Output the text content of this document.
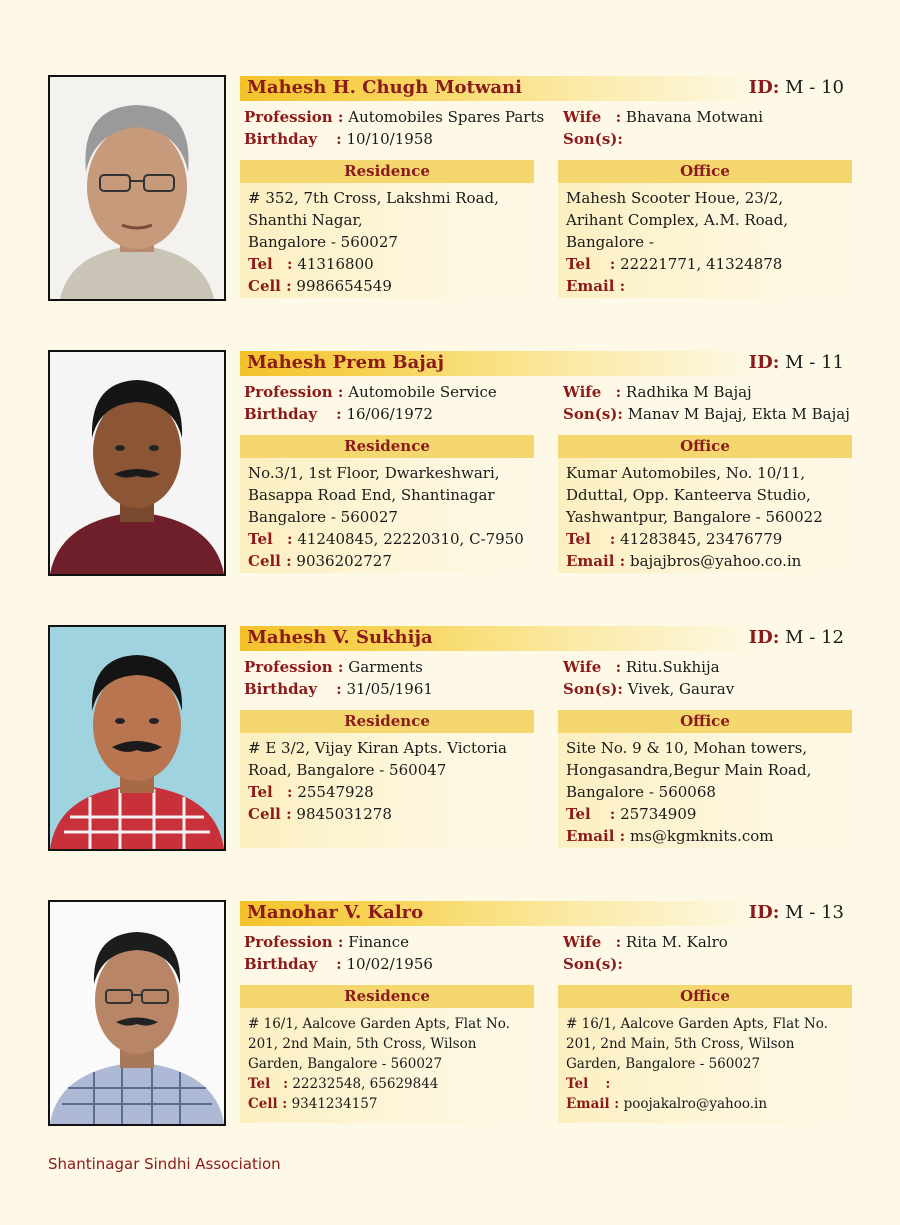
Mahesh H. Chugh Motwani	ID: M - 10
Profession : Automobiles Spares Parts
Birthday : 10/10/1958
Wife : Bhavana Motwani
Son(s):
Residence
# 352, 7th Cross, Lakshmi Road,
Shanthi Nagar,
Bangalore - 560027
Tel : 41316800
Cell : 9986654549
Office
Mahesh Scooter Houe, 23/2,
Arihant Complex, A.M. Road,
Bangalore -
Tel : 22221771, 41324878
Email :
Mahesh Prem Bajaj	ID: M - 11
Profession : Automobile Service
Birthday : 16/06/1972
Wife : Radhika M Bajaj
Son(s): Manav M Bajaj, Ekta M Bajaj
Residence
No.3/1, 1st Floor, Dwarkeshwari,
Basappa Road End, Shantinagar
Bangalore - 560027
Tel : 41240845, 22220310, C-7950
Cell : 9036202727
Office
Kumar Automobiles, No. 10/11,
Dduttal, Opp. Kanteerva Studio,
Yashwantpur, Bangalore - 560022
Tel : 41283845, 23476779
Email : bajajbros@yahoo.co.in
Mahesh V. Sukhija	ID: M - 12
Profession : Garments
Birthday : 31/05/1961
Wife : Ritu.Sukhija
Son(s): Vivek, Gaurav
Residence
# E 3/2, Vijay Kiran Apts. Victoria
Road, Bangalore - 560047
Tel : 25547928
Cell : 9845031278
Office
Site No. 9 & 10, Mohan towers,
Hongasandra,Begur Main Road,
Bangalore - 560068
Tel : 25734909
Email : ms@kgmknits.com
Manohar V. Kalro	ID: M - 13
Profession : Finance
Birthday : 10/02/1956
Wife : Rita M. Kalro
Son(s):
Residence
# 16/1, Aalcove Garden Apts, Flat No.
201, 2nd Main, 5th Cross, Wilson
Garden, Bangalore - 560027
Tel : 22232548, 65629844
Cell : 9341234157
Office
# 16/1, Aalcove Garden Apts, Flat No.
201, 2nd Main, 5th Cross, Wilson
Garden, Bangalore - 560027
Tel :
Email : poojakalro@yahoo.in
Shantinagar Sindhi Association
